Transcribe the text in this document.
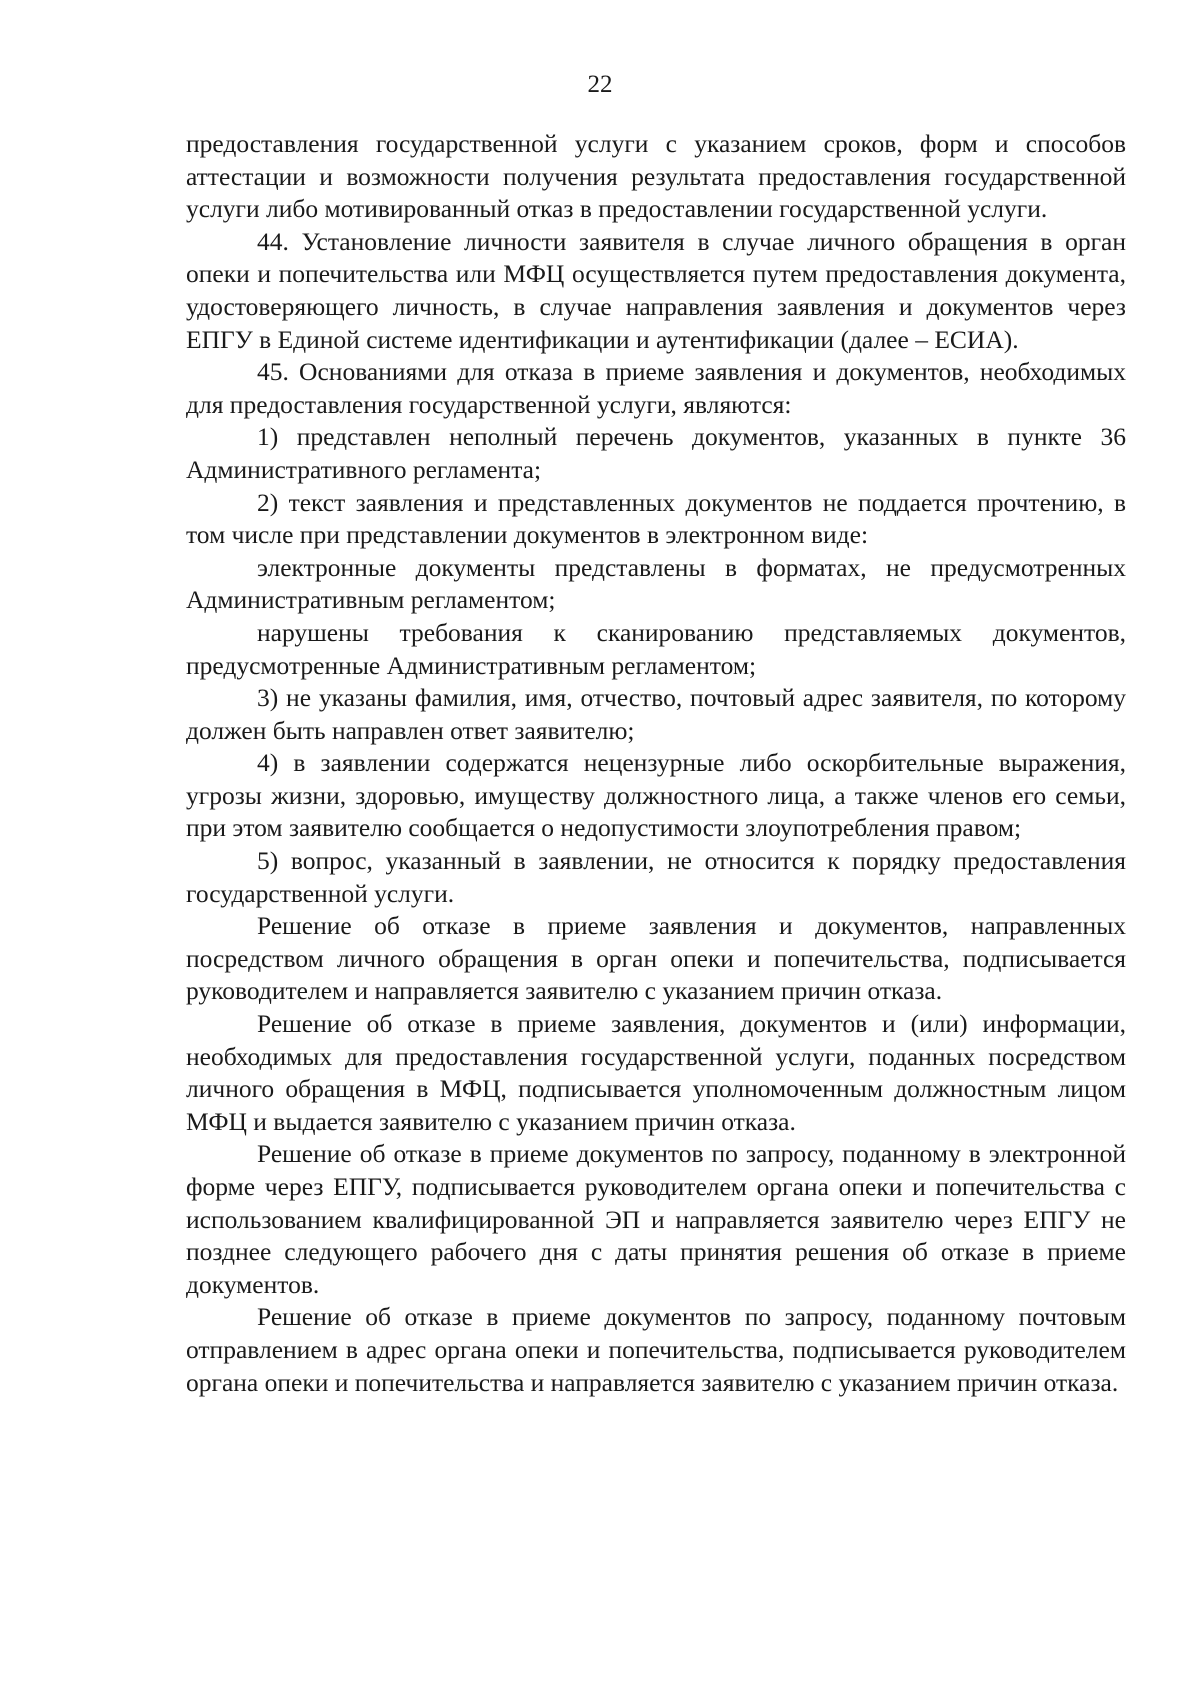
22

предоставления государственной услуги с указанием сроков, форм и способов аттестации и возможности получения результата предоставления государственной услуги либо мотивированный отказ в предоставлении государственной услуги.

44. Установление личности заявителя в случае личного обращения в орган опеки и попечительства или МФЦ осуществляется путем предоставления документа, удостоверяющего личность, в случае направления заявления и документов через ЕПГУ в Единой системе идентификации и аутентификации (далее – ЕСИА).

45. Основаниями для отказа в приеме заявления и документов, необходимых для предоставления государственной услуги, являются:

1) представлен неполный перечень документов, указанных в пункте 36 Административного регламента;

2) текст заявления и представленных документов не поддается прочтению, в том числе при представлении документов в электронном виде:

электронные документы представлены в форматах, не предусмотренных Административным регламентом;

нарушены требования к сканированию представляемых документов, предусмотренные Административным регламентом;

3) не указаны фамилия, имя, отчество, почтовый адрес заявителя, по которому должен быть направлен ответ заявителю;

4) в заявлении содержатся нецензурные либо оскорбительные выражения, угрозы жизни, здоровью, имуществу должностного лица, а также членов его семьи, при этом заявителю сообщается о недопустимости злоупотребления правом;

5) вопрос, указанный в заявлении, не относится к порядку предоставления государственной услуги.

Решение об отказе в приеме заявления и документов, направленных посредством личного обращения в орган опеки и попечительства, подписывается руководителем и направляется заявителю с указанием причин отказа.

Решение об отказе в приеме заявления, документов и (или) информации, необходимых для предоставления государственной услуги, поданных посредством личного обращения в МФЦ, подписывается уполномоченным должностным лицом МФЦ и выдается заявителю с указанием причин отказа.

Решение об отказе в приеме документов по запросу, поданному в электронной форме через ЕПГУ, подписывается руководителем органа опеки и попечительства с использованием квалифицированной ЭП и направляется заявителю через ЕПГУ не позднее следующего рабочего дня с даты принятия решения об отказе в приеме документов.

Решение об отказе в приеме документов по запросу, поданному почтовым отправлением в адрес органа опеки и попечительства, подписывается руководителем органа опеки и попечительства и направляется заявителю с указанием причин отказа.
